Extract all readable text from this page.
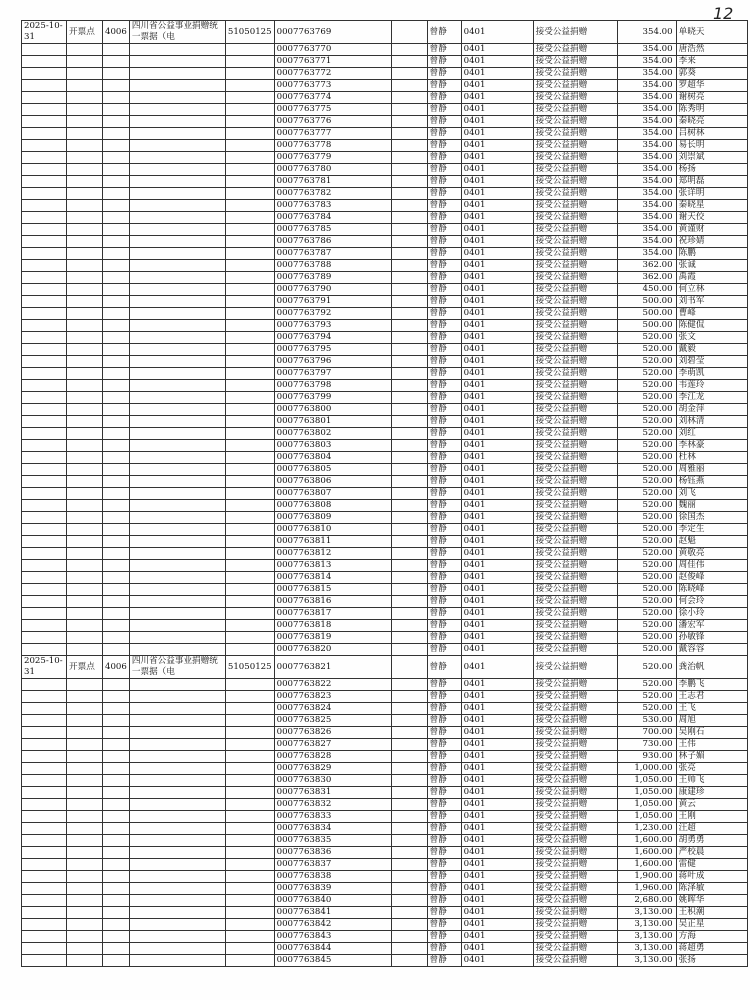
12
2025-10-31	开票点	4006	四川省公益事业捐赠统一票据（电	51050125	0007763769		曾静	0401	接受公益捐赠	354.00	单晓天
					0007763770		曾静	0401	接受公益捐赠	354.00	唐浩然
					0007763771		曾静	0401	接受公益捐赠	354.00	李来
					0007763772		曾静	0401	接受公益捐赠	354.00	郭葵
					0007763773		曾静	0401	接受公益捐赠	354.00	罗超华
					0007763774		曾静	0401	接受公益捐赠	354.00	谢树亮
					0007763775		曾静	0401	接受公益捐赠	354.00	陈秀明
					0007763776		曾静	0401	接受公益捐赠	354.00	秦晓亮
					0007763777		曾静	0401	接受公益捐赠	354.00	吕树林
					0007763778		曾静	0401	接受公益捐赠	354.00	易长明
					0007763779		曾静	0401	接受公益捐赠	354.00	刘崇斌
					0007763780		曾静	0401	接受公益捐赠	354.00	杨扬
					0007763781		曾静	0401	接受公益捐赠	354.00	郑明磊
					0007763782		曾静	0401	接受公益捐赠	354.00	张详明
					0007763783		曾静	0401	接受公益捐赠	354.00	秦晓星
					0007763784		曾静	0401	接受公益捐赠	354.00	谢天佼
					0007763785		曾静	0401	接受公益捐赠	354.00	黄谨财
					0007763786		曾静	0401	接受公益捐赠	354.00	祝珍婧
					0007763787		曾静	0401	接受公益捐赠	354.00	陈鹏
					0007763788		曾静	0401	接受公益捐赠	362.00	张诚
					0007763789		曾静	0401	接受公益捐赠	362.00	禹霞
					0007763790		曾静	0401	接受公益捐赠	450.00	何立林
					0007763791		曾静	0401	接受公益捐赠	500.00	刘书军
					0007763792		曾静	0401	接受公益捐赠	500.00	曹峰
					0007763793		曾静	0401	接受公益捐赠	500.00	陈健侃
					0007763794		曾静	0401	接受公益捐赠	520.00	张文
					0007763795		曾静	0401	接受公益捐赠	520.00	戴毅
					0007763796		曾静	0401	接受公益捐赠	520.00	刘碧莹
					0007763797		曾静	0401	接受公益捐赠	520.00	李萌凯
					0007763798		曾静	0401	接受公益捐赠	520.00	韦莲玲
					0007763799		曾静	0401	接受公益捐赠	520.00	李江龙
					0007763800		曾静	0401	接受公益捐赠	520.00	胡金萍
					0007763801		曾静	0401	接受公益捐赠	520.00	刘林清
					0007763802		曾静	0401	接受公益捐赠	520.00	刘红
					0007763803		曾静	0401	接受公益捐赠	520.00	李林豪
					0007763804		曾静	0401	接受公益捐赠	520.00	杜林
					0007763805		曾静	0401	接受公益捐赠	520.00	周雅丽
					0007763806		曾静	0401	接受公益捐赠	520.00	杨钰燕
					0007763807		曾静	0401	接受公益捐赠	520.00	刘飞
					0007763808		曾静	0401	接受公益捐赠	520.00	魏丽
					0007763809		曾静	0401	接受公益捐赠	520.00	徐国杰
					0007763810		曾静	0401	接受公益捐赠	520.00	李定生
					0007763811		曾静	0401	接受公益捐赠	520.00	赵魁
					0007763812		曾静	0401	接受公益捐赠	520.00	黄敬亮
					0007763813		曾静	0401	接受公益捐赠	520.00	周佳伟
					0007763814		曾静	0401	接受公益捐赠	520.00	赵俊峰
					0007763815		曾静	0401	接受公益捐赠	520.00	陈晓峰
					0007763816		曾静	0401	接受公益捐赠	520.00	何会玲
					0007763817		曾静	0401	接受公益捐赠	520.00	徐小玲
					0007763818		曾静	0401	接受公益捐赠	520.00	潘宏军
					0007763819		曾静	0401	接受公益捐赠	520.00	孙敏锋
					0007763820		曾静	0401	接受公益捐赠	520.00	戴容容
2025-10-31	开票点	4006	四川省公益事业捐赠统一票据（电	51050125	0007763821		曾静	0401	接受公益捐赠	520.00	龚治帆
					0007763822		曾静	0401	接受公益捐赠	520.00	李鹏飞
					0007763823		曾静	0401	接受公益捐赠	520.00	王志君
					0007763824		曾静	0401	接受公益捐赠	520.00	王飞
					0007763825		曾静	0401	接受公益捐赠	530.00	周旭
					0007763826		曾静	0401	接受公益捐赠	700.00	吴刚石
					0007763827		曾静	0401	接受公益捐赠	730.00	王伟
					0007763828		曾静	0401	接受公益捐赠	930.00	林子媚
					0007763829		曾静	0401	接受公益捐赠	1,000.00	张亮
					0007763830		曾静	0401	接受公益捐赠	1,050.00	王帅飞
					0007763831		曾静	0401	接受公益捐赠	1,050.00	康建珍
					0007763832		曾静	0401	接受公益捐赠	1,050.00	黄云
					0007763833		曾静	0401	接受公益捐赠	1,050.00	王刚
					0007763834		曾静	0401	接受公益捐赠	1,230.00	汪超
					0007763835		曾静	0401	接受公益捐赠	1,600.00	胡勇勇
					0007763836		曾静	0401	接受公益捐赠	1,600.00	严校晨
					0007763837		曾静	0401	接受公益捐赠	1,600.00	雷健
					0007763838		曾静	0401	接受公益捐赠	1,900.00	蒋叶成
					0007763839		曾静	0401	接受公益捐赠	1,960.00	陈泽敏
					0007763840		曾静	0401	接受公益捐赠	2,680.00	姚晖华
					0007763841		曾静	0401	接受公益捐赠	3,130.00	王积潮
					0007763842		曾静	0401	接受公益捐赠	3,130.00	吴正星
					0007763843		曾静	0401	接受公益捐赠	3,130.00	方海
					0007763844		曾静	0401	接受公益捐赠	3,130.00	蒋超勇
					0007763845		曾静	0401	接受公益捐赠	3,130.00	张扬
